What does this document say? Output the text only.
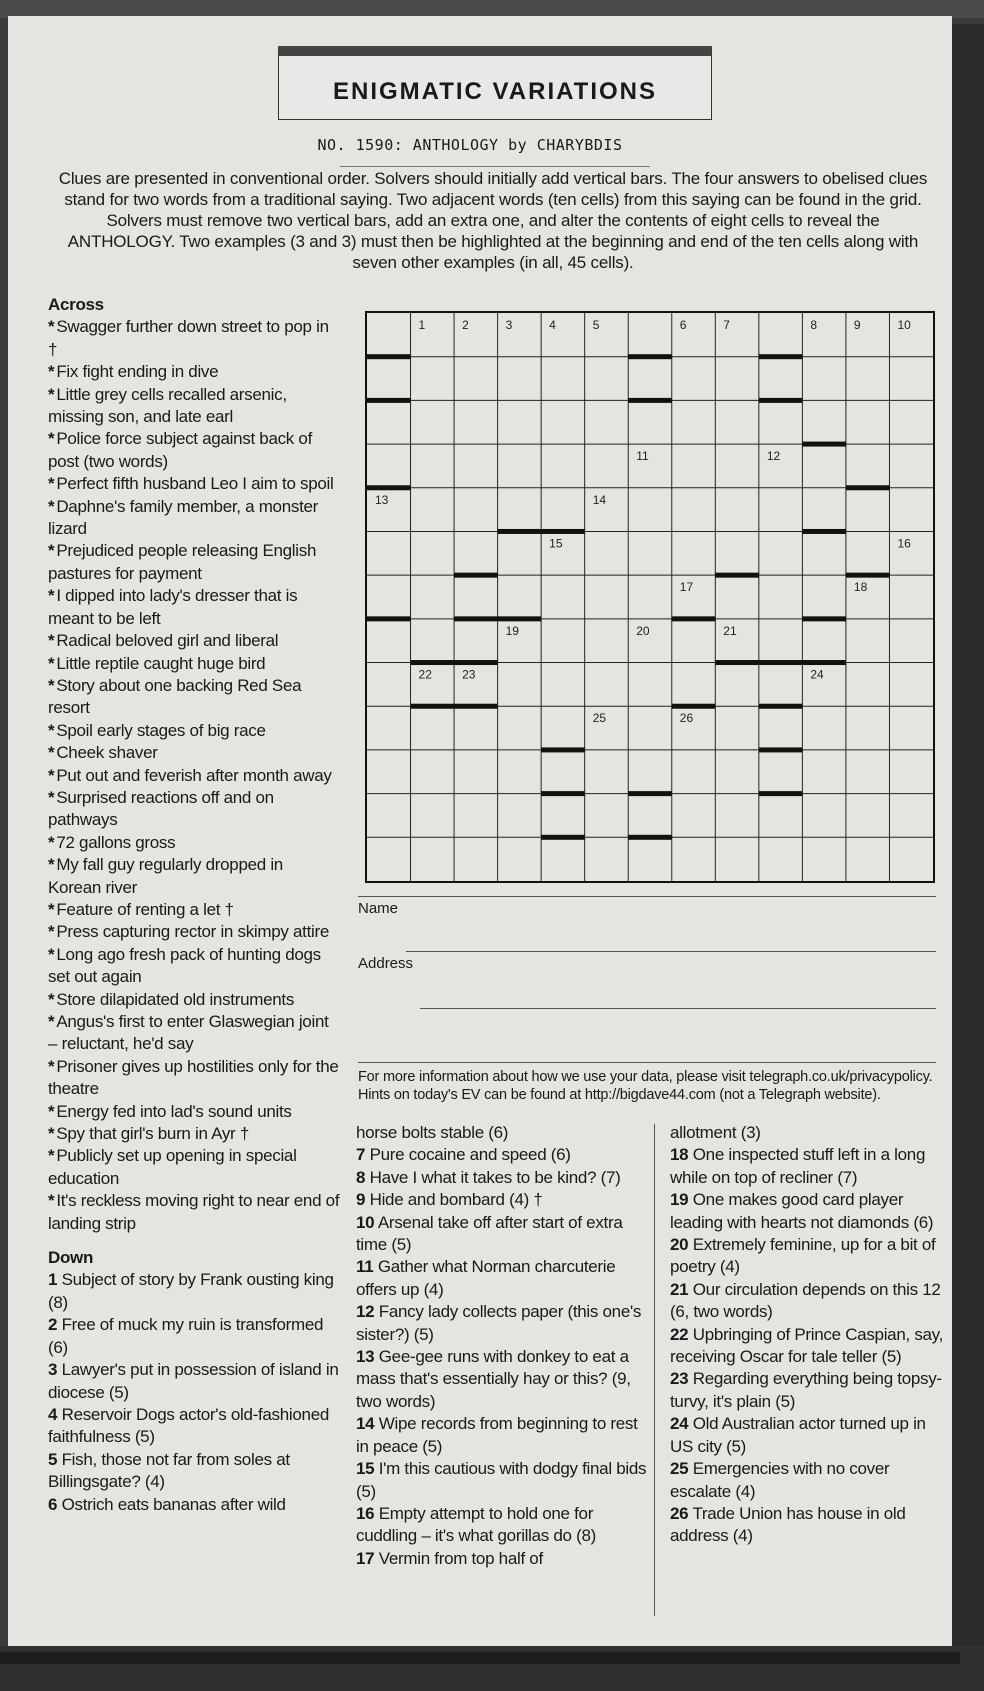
ENIGMATIC VARIATIONS
NO. 1590: ANTHOLOGY by CHARYBDIS
Clues are presented in conventional order. Solvers should initially add vertical bars. The four answers to obelised clues stand for two words from a traditional saying. Two adjacent words (ten cells) from this saying can be found in the grid. Solvers must remove two vertical bars, add an extra one, and alter the contents of eight cells to reveal the ANTHOLOGY. Two examples (3 and 3) must then be highlighted at the beginning and end of the ten cells along with seven other examples (in all, 45 cells).
Across
* Swagger further down street to pop in †
* Fix fight ending in dive
* Little grey cells recalled arsenic, missing son, and late earl
* Police force subject against back of post (two words)
* Perfect fifth husband Leo I aim to spoil
* Daphne's family member, a monster lizard
* Prejudiced people releasing English pastures for payment
* I dipped into lady's dresser that is meant to be left
* Radical beloved girl and liberal
* Little reptile caught huge bird
* Story about one backing Red Sea resort
* Spoil early stages of big race
* Cheek shaver
* Put out and feverish after month away
* Surprised reactions off and on pathways
* 72 gallons gross
* My fall guy regularly dropped in Korean river
* Feature of renting a let †
* Press capturing rector in skimpy attire
* Long ago fresh pack of hunting dogs set out again
* Store dilapidated old instruments
* Angus's first to enter Glaswegian joint – reluctant, he'd say
* Prisoner gives up hostilities only for the theatre
* Energy fed into lad's sound units
* Spy that girl's burn in Ayr †
* Publicly set up opening in special education
* It's reckless moving right to near end of landing strip
Down
1 Subject of story by Frank ousting king (8)
2 Free of muck my ruin is transformed (6)
3 Lawyer's put in possession of island in diocese (5)
4 Reservoir Dogs actor's old-fashioned faithfulness (5)
5 Fish, those not far from soles at Billingsgate? (4)
6 Ostrich eats bananas after wild
horse bolts stable (6)
7 Pure cocaine and speed (6)
8 Have I what it takes to be kind? (7)
9 Hide and bombard (4) †
10 Arsenal take off after start of extra time (5)
11 Gather what Norman charcuterie offers up (4)
12 Fancy lady collects paper (this one's sister?) (5)
13 Gee-gee runs with donkey to eat a mass that's essentially hay or this? (9, two words)
14 Wipe records from beginning to rest in peace (5)
15 I'm this cautious with dodgy final bids (5)
16 Empty attempt to hold one for cuddling – it's what gorillas do (8)
17 Vermin from top half of
allotment (3)
18 One inspected stuff left in a long while on top of recliner (7)
19 One makes good card player leading with hearts not diamonds (6)
20 Extremely feminine, up for a bit of poetry (4)
21 Our circulation depends on this 12 (6, two words)
22 Upbringing of Prince Caspian, say, receiving Oscar for tale teller (5)
23 Regarding everything being topsy-turvy, it's plain (5)
24 Old Australian actor turned up in US city (5)
25 Emergencies with no cover escalate (4)
26 Trade Union has house in old address (4)
1	2	3	4	5	6	7	8	9	10
11	12
13	14
15	16
17	18
19	20	21
22	23	24
25	26
Name
Address
For more information about how we use your data, please visit telegraph.co.uk/privacypolicy.
Hints on today's EV can be found at http://bigdave44.com (not a Telegraph website).
